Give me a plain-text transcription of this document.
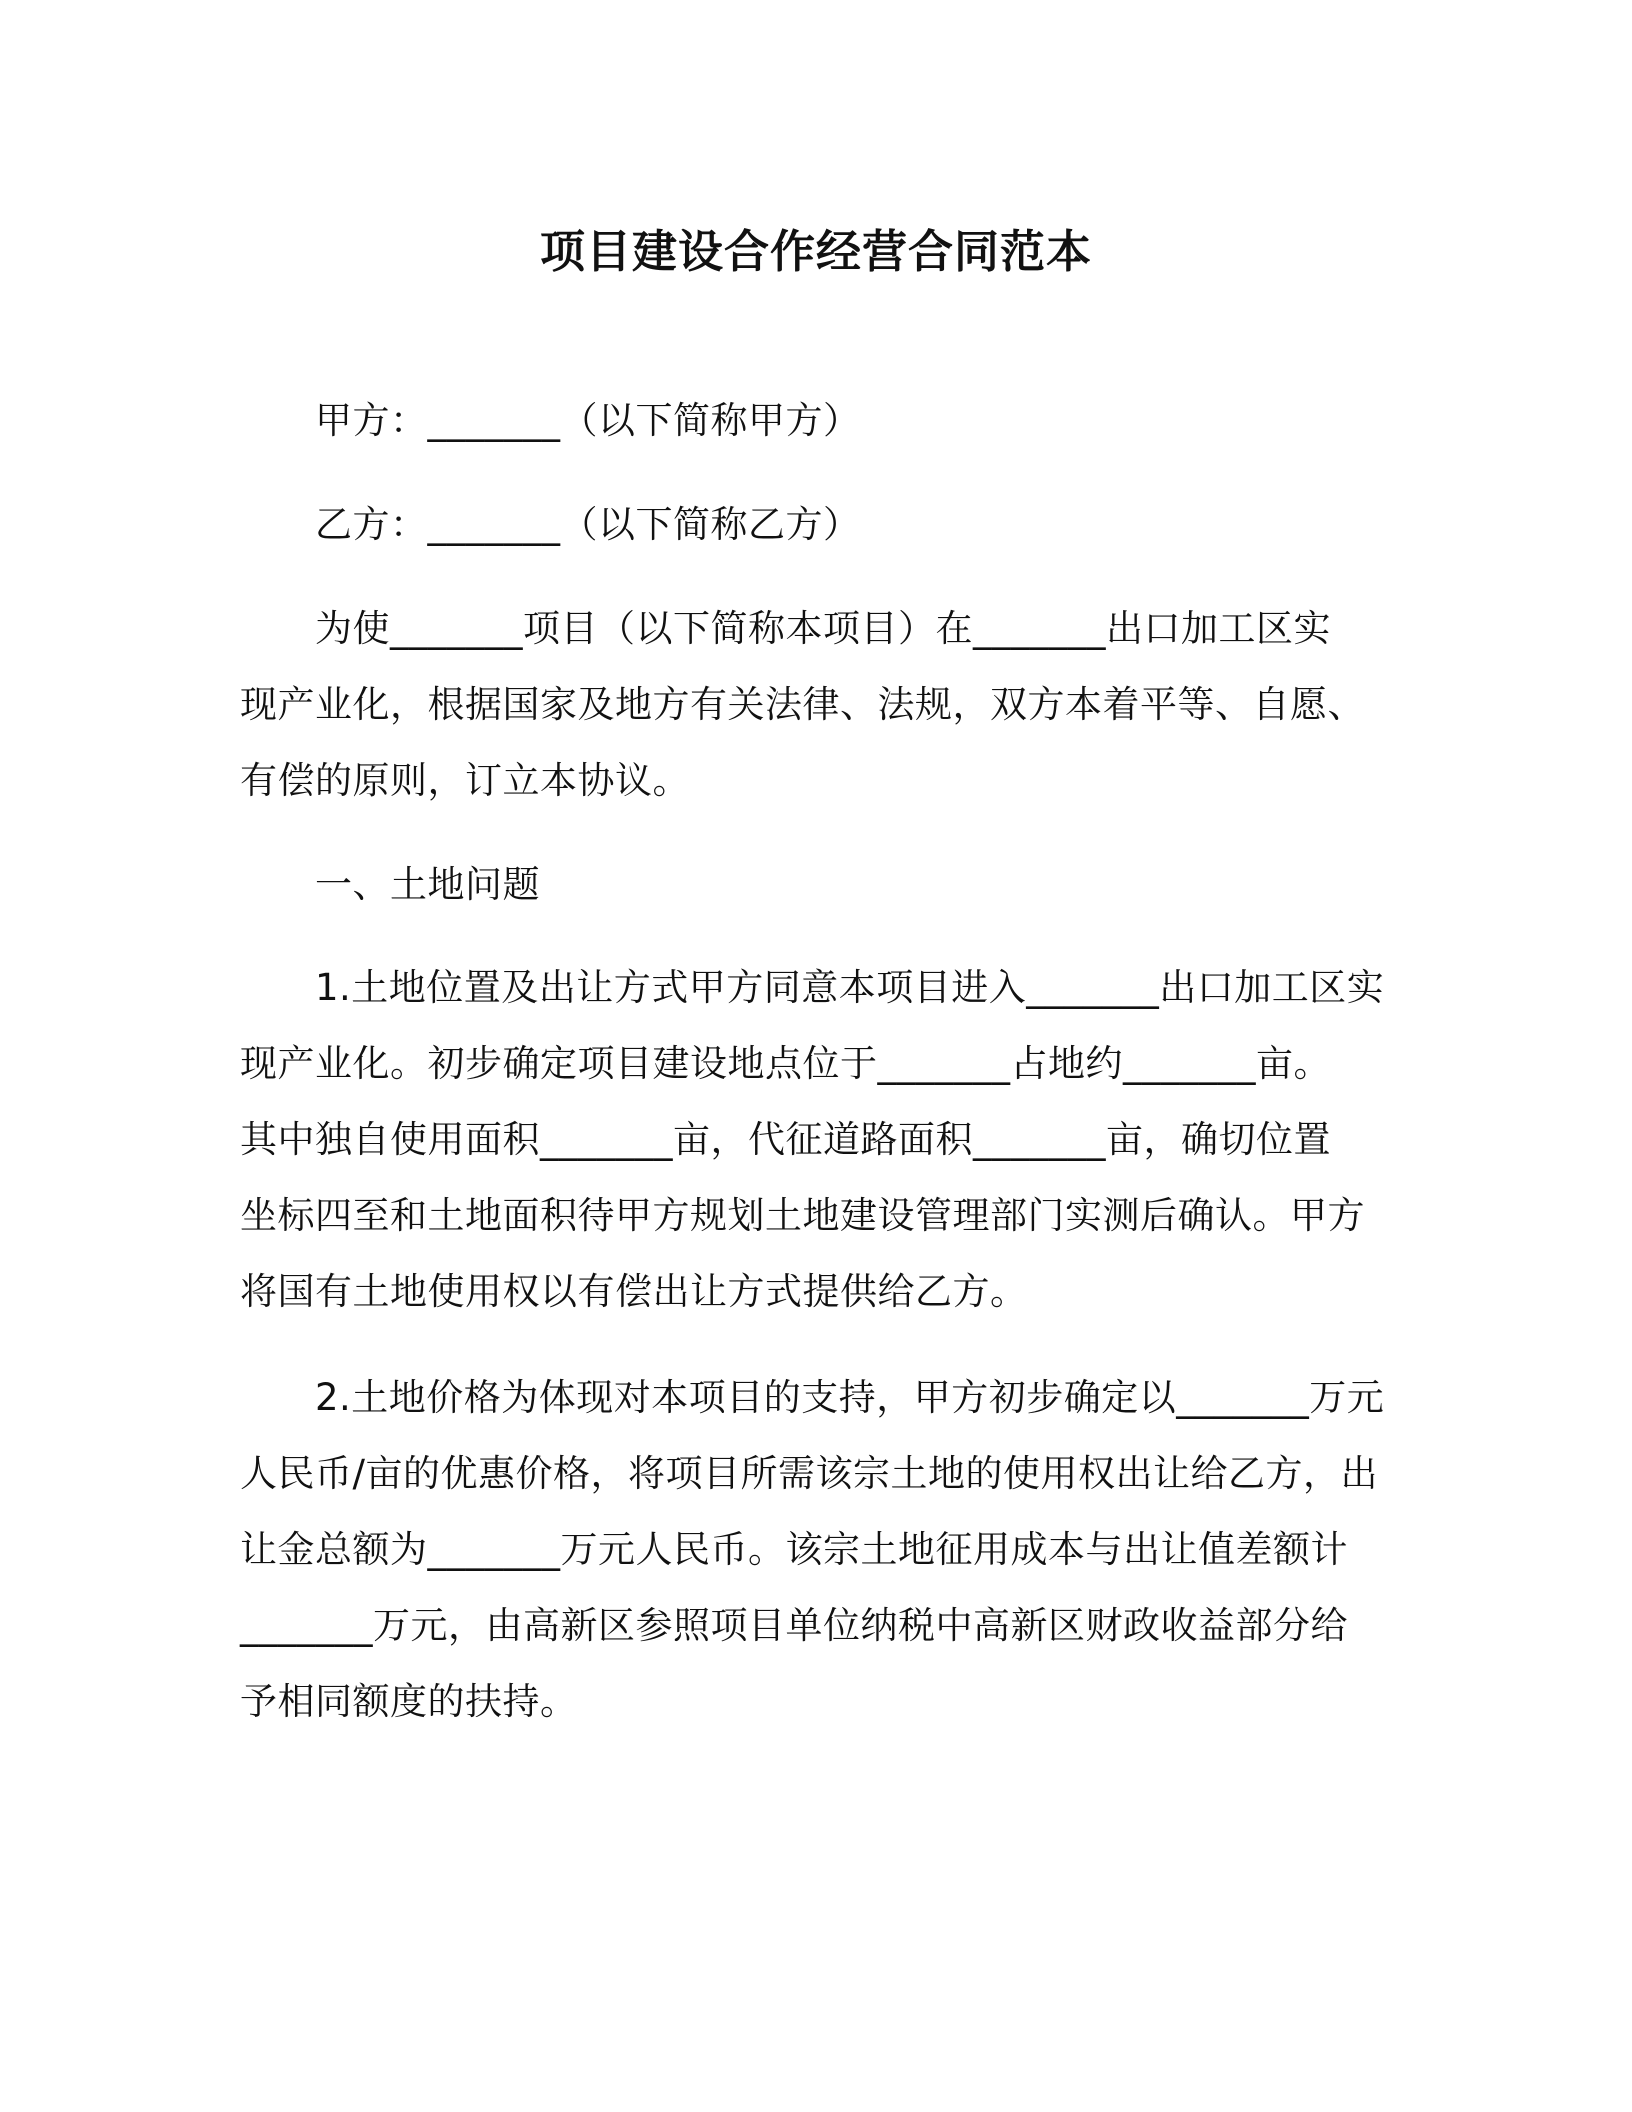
项目建设合作经营合同范本
甲方：_______（以下简称甲方）
乙方：_______（以下简称乙方）
为使_______项目（以下简称本项目）在_______出口加工区实
现产业化，根据国家及地方有关法律、法规，双方本着平等、自愿、
有偿的原则，订立本协议。
一、土地问题
1.土地位置及出让方式甲方同意本项目进入_______出口加工区实
现产业化。初步确定项目建设地点位于_______占地约_______亩。
其中独自使用面积_______亩，代征道路面积_______亩，确切位置
坐标四至和土地面积待甲方规划土地建设管理部门实测后确认。甲方
将国有土地使用权以有偿出让方式提供给乙方。
2.土地价格为体现对本项目的支持，甲方初步确定以_______万元
人民币/亩的优惠价格，将项目所需该宗土地的使用权出让给乙方，出
让金总额为_______万元人民币。该宗土地征用成本与出让值差额计
_______万元，由高新区参照项目单位纳税中高新区财政收益部分给
予相同额度的扶持。
